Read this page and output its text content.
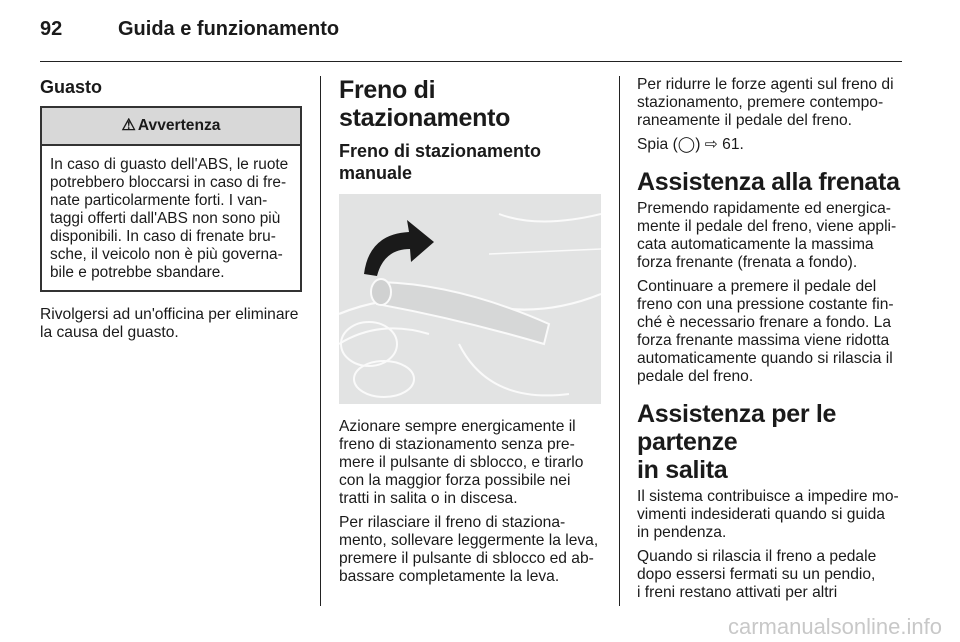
92	Guida e funzionamento
Guasto
⚠ Avvertenza
In caso di guasto dell'ABS, le ruote
potrebbero bloccarsi in caso di fre-
nate particolarmente forti. I van-
taggi offerti dall'ABS non sono più
disponibili. In caso di frenate bru-
sche, il veicolo non è più governa-
bile e potrebbe sbandare.

Rivolgersi ad un'officina per eliminare
la causa del guasto.

Freno di stazionamento
Freno di stazionamento
manuale

Azionare sempre energicamente il
freno di stazionamento senza pre-
mere il pulsante di sblocco, e tirarlo
con la maggior forza possibile nei
tratti in salita o in discesa.

Per rilasciare il freno di staziona-
mento, sollevare leggermente la leva,
premere il pulsante di sblocco ed ab-
bassare completamente la leva.

Per ridurre le forze agenti sul freno di
stazionamento, premere contempo-
raneamente il pedale del freno.

Spia (◯) ⇨ 61.

Assistenza alla frenata

Premendo rapidamente ed energica-
mente il pedale del freno, viene appli-
cata automaticamente la massima
forza frenante (frenata a fondo).

Continuare a premere il pedale del
freno con una pressione costante fin-
ché è necessario frenare a fondo. La
forza frenante massima viene ridotta
automaticamente quando si rilascia il
pedale del freno.

Assistenza per le partenze
in salita

Il sistema contribuisce a impedire mo-
vimenti indesiderati quando si guida
in pendenza.

Quando si rilascia il freno a pedale
dopo essersi fermati su un pendio,
i freni restano attivati per altri

carmanualsonline.info
